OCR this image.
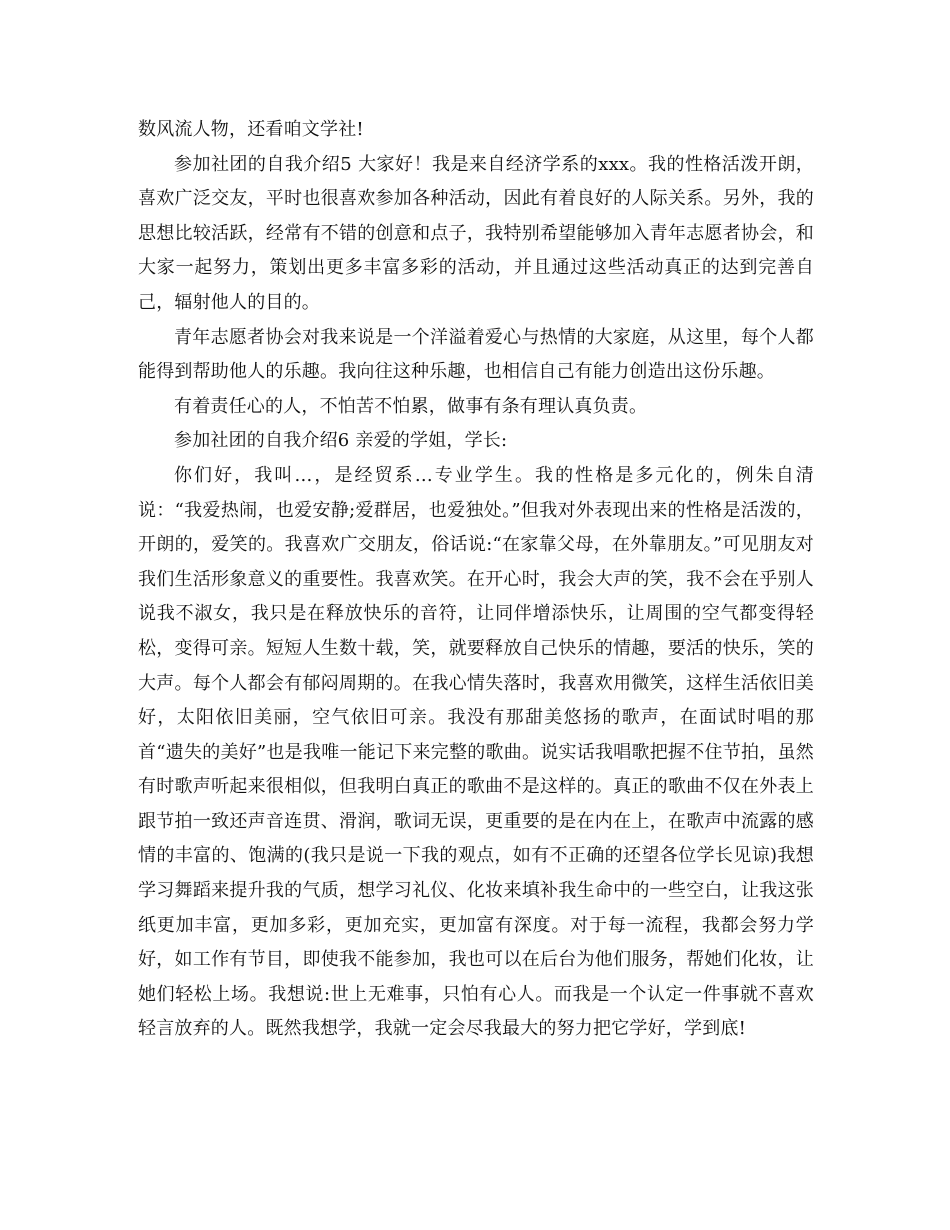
数风流人物，还看咱文学社!

参加社团的自我介绍5 大家好！我是来自经济学系的xxx。我的性格活泼开朗，喜欢广泛交友，平时也很喜欢参加各种活动，因此有着良好的人际关系。另外，我的思想比较活跃，经常有不错的创意和点子，我特别希望能够加入青年志愿者协会，和大家一起努力，策划出更多丰富多彩的活动，并且通过这些活动真正的达到完善自己，辐射他人的目的。

青年志愿者协会对我来说是一个洋溢着爱心与热情的大家庭，从这里，每个人都能得到帮助他人的乐趣。我向往这种乐趣，也相信自己有能力创造出这份乐趣。

有着责任心的人，不怕苦不怕累，做事有条有理认真负责。

参加社团的自我介绍6 亲爱的学姐，学长:

你们好，我叫…，是经贸系…专业学生。我的性格是多元化的，例朱自清说：“我爱热闹，也爱安静;爱群居，也爱独处。”但我对外表现出来的性格是活泼的，开朗的，爱笑的。我喜欢广交朋友，俗话说:“在家靠父母，在外靠朋友。”可见朋友对我们生活形象意义的重要性。我喜欢笑。在开心时，我会大声的笑，我不会在乎别人说我不淑女，我只是在释放快乐的音符，让同伴增添快乐，让周围的空气都变得轻松，变得可亲。短短人生数十载，笑，就要释放自己快乐的情趣，要活的快乐，笑的大声。每个人都会有郁闷周期的。在我心情失落时，我喜欢用微笑，这样生活依旧美好，太阳依旧美丽，空气依旧可亲。我没有那甜美悠扬的歌声，在面试时唱的那首“遗失的美好”也是我唯一能记下来完整的歌曲。说实话我唱歌把握不住节拍，虽然有时歌声听起来很相似，但我明白真正的歌曲不是这样的。真正的歌曲不仅在外表上跟节拍一致还声音连贯、滑润，歌词无误，更重要的是在内在上，在歌声中流露的感情的丰富的、饱满的(我只是说一下我的观点，如有不正确的还望各位学长见谅)我想学习舞蹈来提升我的气质，想学习礼仪、化妆来填补我生命中的一些空白，让我这张纸更加丰富，更加多彩，更加充实，更加富有深度。对于每一流程，我都会努力学好，如工作有节目，即使我不能参加，我也可以在后台为他们服务，帮她们化妆，让她们轻松上场。我想说:世上无难事，只怕有心人。而我是一个认定一件事就不喜欢轻言放弃的人。既然我想学，我就一定会尽我最大的努力把它学好，学到底!
